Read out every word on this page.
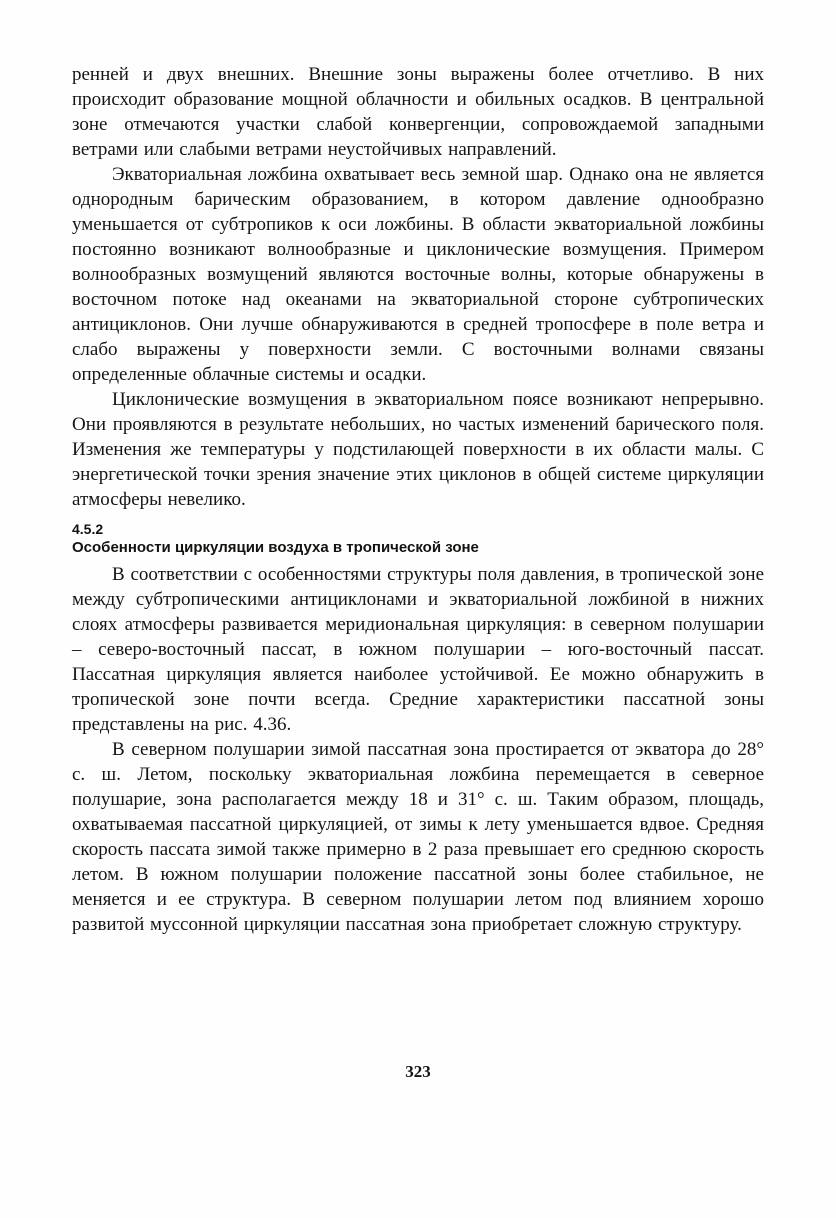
ренней и двух внешних. Внешние зоны выражены более отчетливо. В них происходит образование мощной облачности и обильных осадков. В центральной зоне отмечаются участки слабой конвергенции, сопровождаемой западными ветрами или слабыми ветрами неустойчивых направлений.

Экваториальная ложбина охватывает весь земной шар. Однако она не является однородным барическим образованием, в котором давление однообразно уменьшается от субтропиков к оси ложбины. В области экваториальной ложбины постоянно возникают волнообразные и циклонические возмущения. Примером волнообразных возмущений являются восточные волны, которые обнаружены в восточном потоке над океанами на экваториальной стороне субтропических антициклонов. Они лучше обнаруживаются в средней тропосфере в поле ветра и слабо выражены у поверхности земли. С восточными волнами связаны определенные облачные системы и осадки.

Циклонические возмущения в экваториальном поясе возникают непрерывно. Они проявляются в результате небольших, но частых изменений барического поля. Изменения же температуры у подстилающей поверхности в их области малы. С энергетической точки зрения значение этих циклонов в общей системе циркуляции атмосферы невелико.

4.5.2
Особенности циркуляции воздуха в тропической зоне

В соответствии с особенностями структуры поля давления, в тропической зоне между субтропическими антициклонами и экваториальной ложбиной в нижних слоях атмосферы развивается меридиональная циркуляция: в северном полушарии – северо-восточный пассат, в южном полушарии – юго-восточный пассат. Пассатная циркуляция является наиболее устойчивой. Ее можно обнаружить в тропической зоне почти всегда. Средние характеристики пассатной зоны представлены на рис. 4.36.

В северном полушарии зимой пассатная зона простирается от экватора до 28° с. ш. Летом, поскольку экваториальная ложбина перемещается в северное полушарие, зона располагается между 18 и 31° с. ш. Таким образом, площадь, охватываемая пассатной циркуляцией, от зимы к лету уменьшается вдвое. Средняя скорость пассата зимой также примерно в 2 раза превышает его среднюю скорость летом. В южном полушарии положение пассатной зоны более стабильное, не меняется и ее структура. В северном полушарии летом под влиянием хорошо развитой муссонной циркуляции пассатная зона приобретает сложную структуру.

323
